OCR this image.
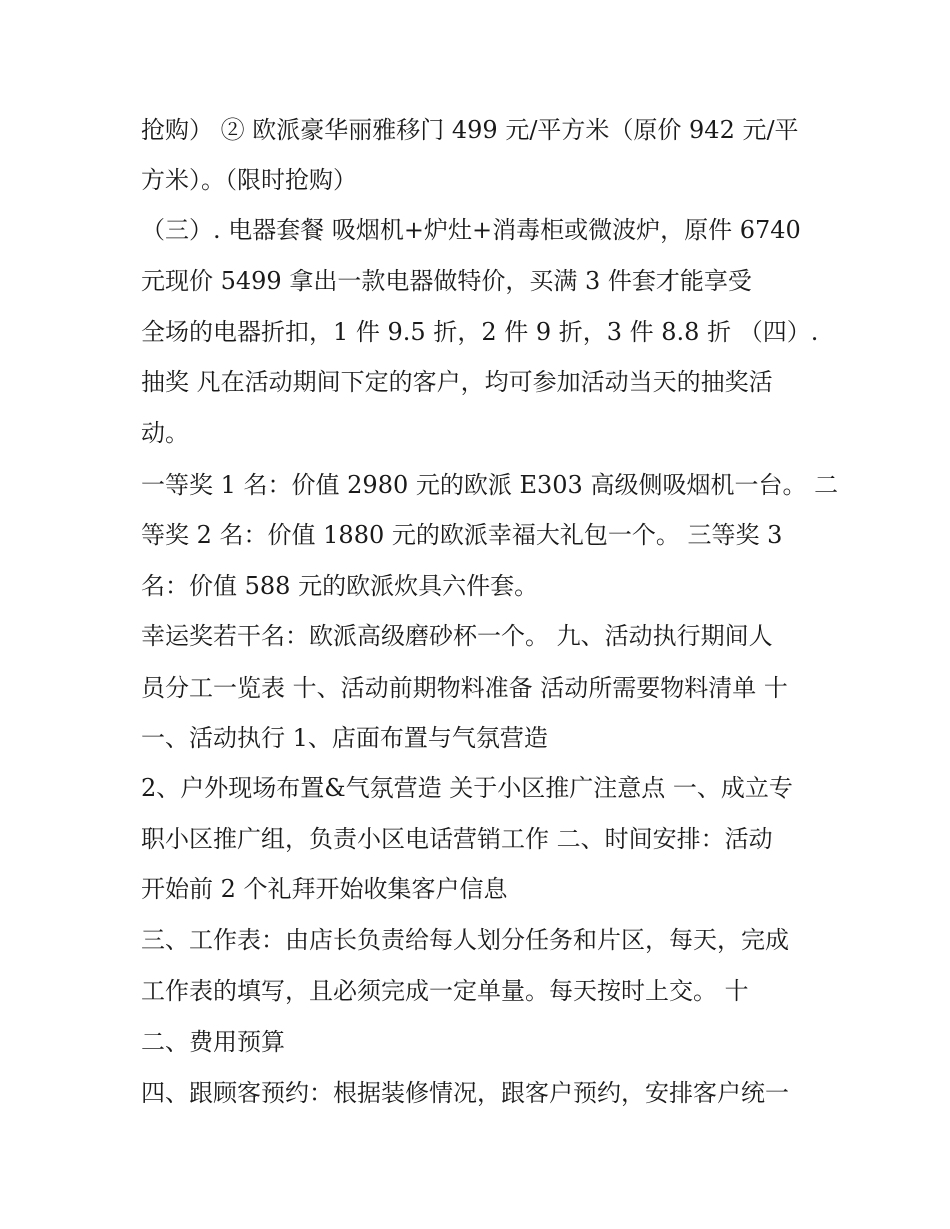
抢购） ② 欧派豪华丽雅移门 499 元/平方米（原价 942 元/平
方米）。（限时抢购）
（三）. 电器套餐 吸烟机+炉灶+消毒柜或微波炉，原件 6740
元现价 5499 拿出一款电器做特价，买满 3 件套才能享受
全场的电器折扣，1 件 9.5 折，2 件 9 折，3 件 8.8 折 （四）.
抽奖 凡在活动期间下定的客户，均可参加活动当天的抽奖活
动。
一等奖 1 名：价值 2980 元的欧派 E303 高级侧吸烟机一台。 二
等奖 2 名：价值 1880 元的欧派幸福大礼包一个。 三等奖 3
名：价值 588 元的欧派炊具六件套。
幸运奖若干名：欧派高级磨砂杯一个。 九、活动执行期间人
员分工一览表 十、活动前期物料准备 活动所需要物料清单 十
一、活动执行 1、店面布置与气氛营造
2、户外现场布置&气氛营造 关于小区推广注意点 一、成立专
职小区推广组，负责小区电话营销工作 二、时间安排：活动
开始前 2 个礼拜开始收集客户信息
三、工作表：由店长负责给每人划分任务和片区，每天，完成
工作表的填写，且必须完成一定单量。每天按时上交。 十
二、费用预算
四、跟顾客预约：根据装修情况，跟客户预约，安排客户统一
